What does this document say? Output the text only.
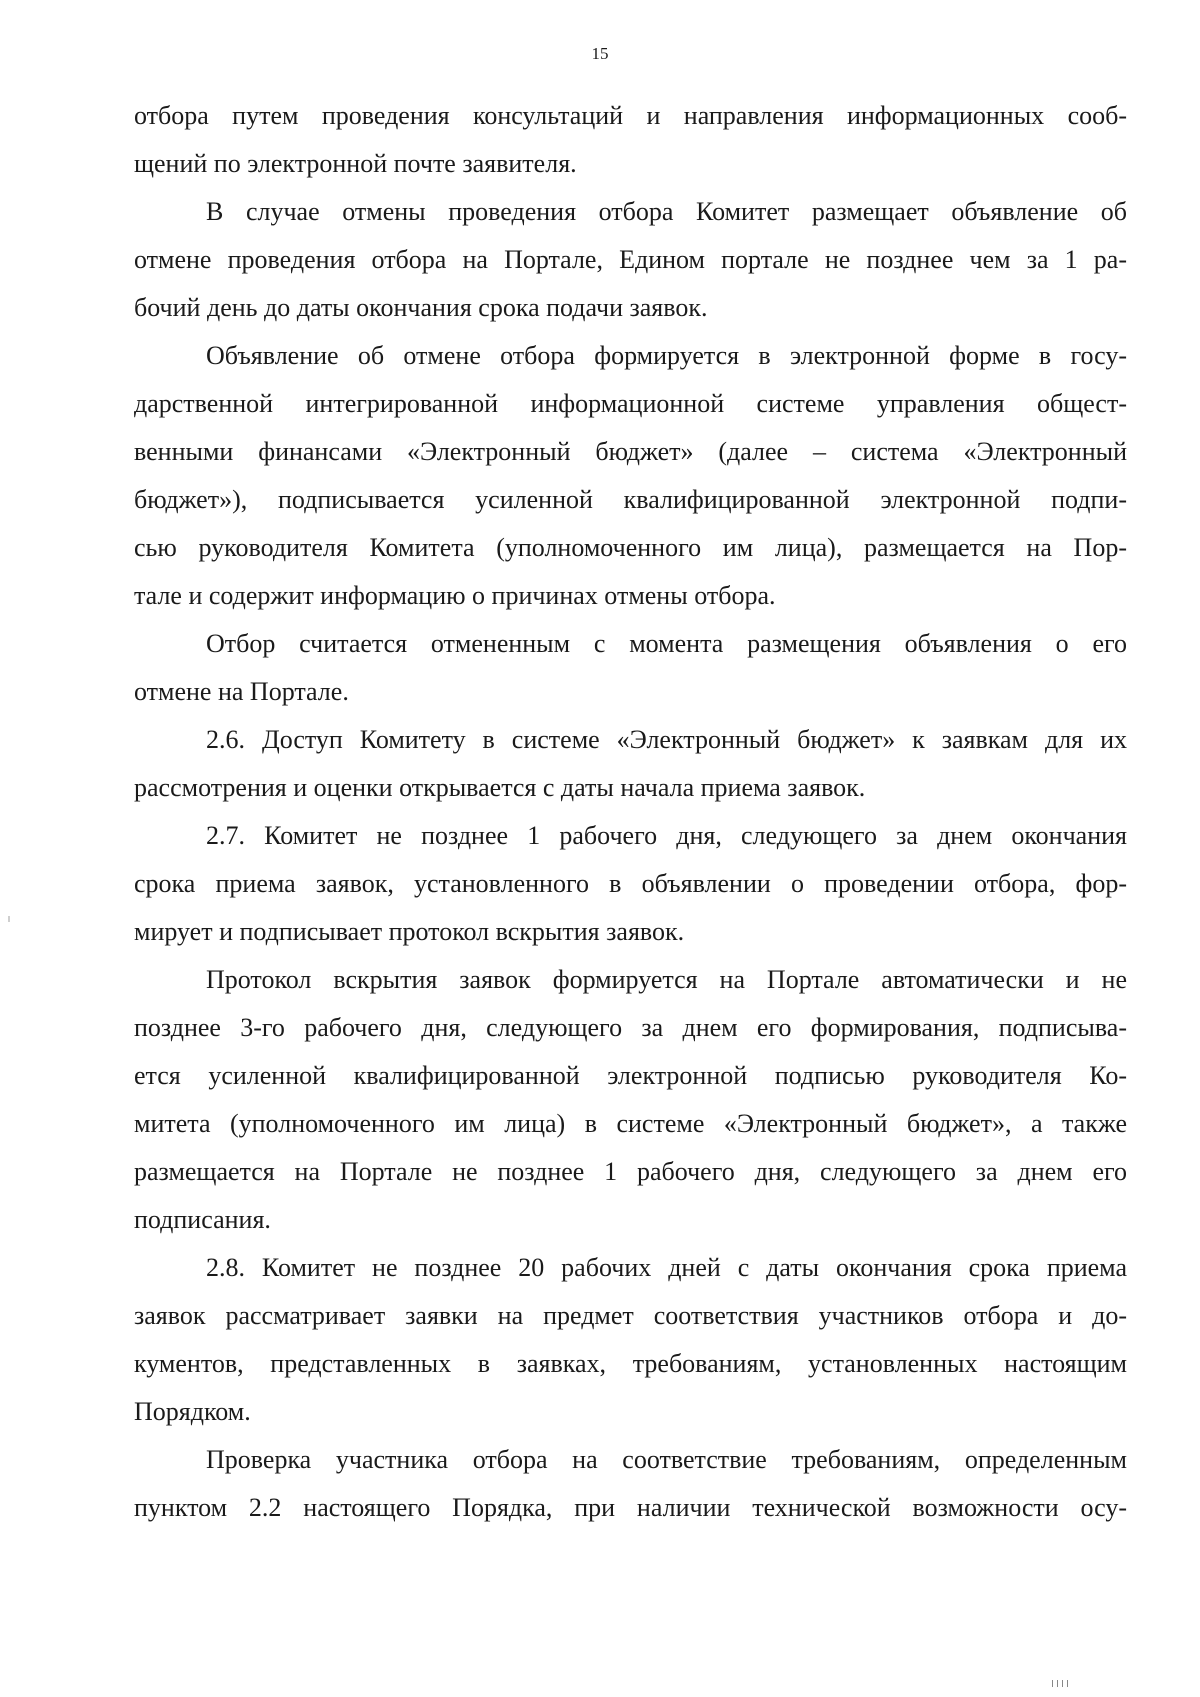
15

отбора путем проведения консультаций и направления информационных сооб-
щений по электронной почте заявителя.

В случае отмены проведения отбора Комитет размещает объявление об
отмене проведения отбора на Портале, Едином портале не позднее чем за 1 ра-
бочий день до даты окончания срока подачи заявок.

Объявление об отмене отбора формируется в электронной форме в госу-
дарственной интегрированной информационной системе управления общест-
венными финансами «Электронный бюджет» (далее – система «Электронный
бюджет»), подписывается усиленной квалифицированной электронной подпи-
сью руководителя Комитета (уполномоченного им лица), размещается на Пор-
тале и содержит информацию о причинах отмены отбора.

Отбор считается отмененным с момента размещения объявления о его
отмене на Портале.

2.6. Доступ Комитету в системе «Электронный бюджет» к заявкам для их
рассмотрения и оценки открывается с даты начала приема заявок.

2.7. Комитет не позднее 1 рабочего дня, следующего за днем окончания
срока приема заявок, установленного в объявлении о проведении отбора, фор-
мирует и подписывает протокол вскрытия заявок.

Протокол вскрытия заявок формируется на Портале автоматически и не
позднее 3-го рабочего дня, следующего за днем его формирования, подписыва-
ется усиленной квалифицированной электронной подписью руководителя Ко-
митета (уполномоченного им лица) в системе «Электронный бюджет», а также
размещается на Портале не позднее 1 рабочего дня, следующего за днем его
подписания.

2.8. Комитет не позднее 20 рабочих дней с даты окончания срока приема
заявок рассматривает заявки на предмет соответствия участников отбора и до-
кументов, представленных в заявках, требованиям, установленных настоящим
Порядком.

Проверка участника отбора на соответствие требованиям, определенным
пунктом 2.2 настоящего Порядка, при наличии технической возможности осу-
